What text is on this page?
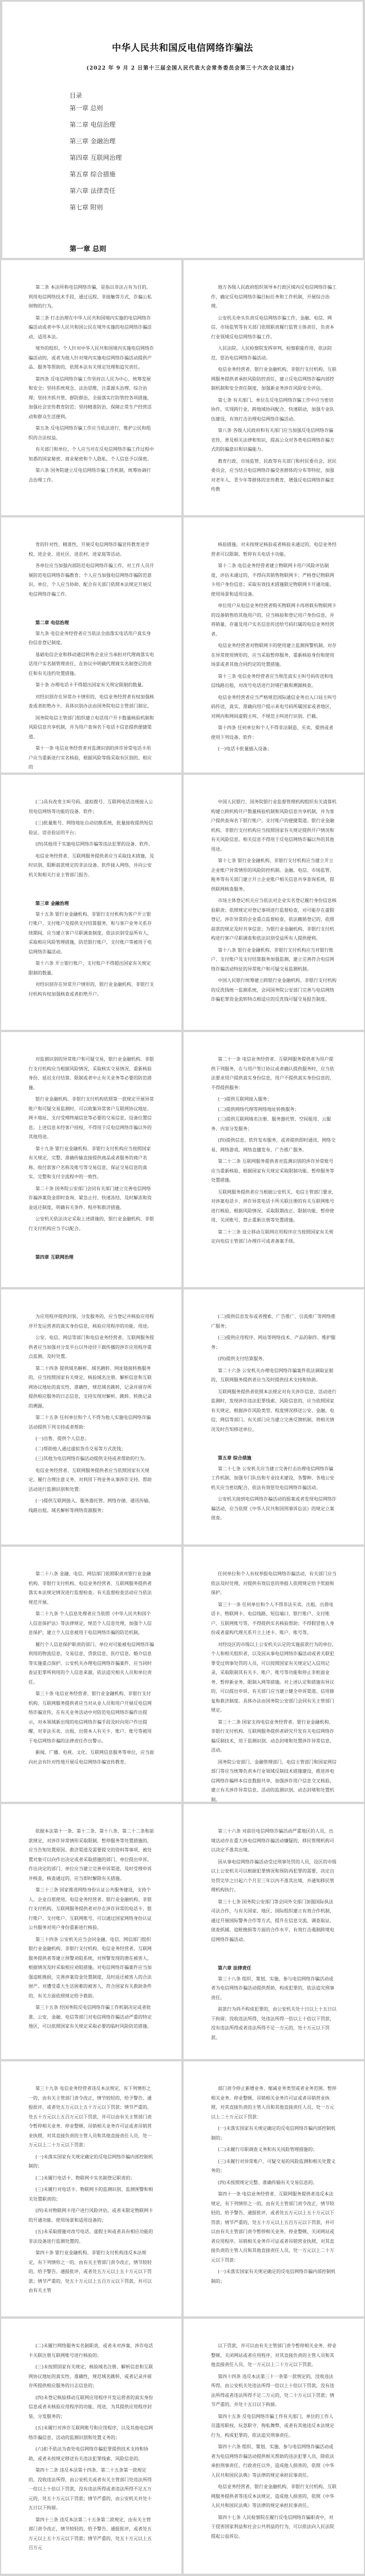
中华人民共和国反电信网络诈骗法
(2022 年 9 月 2 日第十三届全国人民代表大会常务委员会第三十六次会议通过)
目录
第一章 总则
第二章 电信治理
第三章 金融治理
第四章 互联网治理
第五章 综合措施
第六章 法律责任
第七章 附则
第一章 总则

第二条 本法所称电信网络诈骗，是指以非法占有为目的，利用电信网络技术手段，通过远程、非接触等方式，诈骗公私财物的行为。

第三条 打击治理在中华人民共和国境内实施的电信网络诈骗活动或者中华人民共和国公民在境外实施的电信网络诈骗活动，适用本法。

境外的组织、个人针对中华人民共和国境内实施电信网络诈骗活动的，或者为他人针对境内实施电信网络诈骗活动提供产品、服务等帮助的，依照本法有关规定处理和追究责任。

第四条 反电信网络诈骗工作坚持以人民为中心，统筹发展和安全；坚持系统观念、法治思维，注重源头治理、综合治理；坚持齐抓共管、群防群治，全面落实打防管控各项措施，加强社会宣传教育防范；坚持精准防治，保障正常生产经营活动和群众生活便利。

第五条 反电信网络诈骗工作应当依法进行，维护公民和组织的合法权益。

有关部门和单位、个人应当对在反电信网络诈骗工作过程中知悉的国家秘密、商业秘密和个人隐私、个人信息予以保密。

第六条 国务院建立反电信网络诈骗工作机制，统筹协调打击治理工作。

地方各级人民政府组织领导本行政区域内反电信网络诈骗工作，确定反电信网络诈骗目标任务和工作机制，开展综合治理。

公安机关牵头负责反电信网络诈骗工作，金融、电信、网信、市场监管等有关部门依照职责履行监管主体责任，负责本行业领域反电信网络诈骗工作。

人民法院、人民检察院发挥审判、检察职能作用，依法防范、惩治电信网络诈骗活动。

电信业务经营者、银行业金融机构、非银行支付机构、互联网服务提供者承担风险防控责任，建立反电信网络诈骗内部控制机制和安全责任制度，加强新业务涉诈风险安全评估。

第七条 有关部门、单位在反电信网络诈骗工作中应当密切协作，实现跨行业、跨地域协同配合、快速联动，加强专业队伍建设，有效打击治理电信网络诈骗活动。

第八条 各级人民政府和有关部门应当加强反电信网络诈骗宣传，普及相关法律和知识，提高公众对各类电信网络诈骗方式的防骗意识和识骗能力。

教育行政、市场监管、民政等有关部门和村民委员会、居民委员会，应当结合电信网络诈骗受害群体的分布等特征，加强对老年人、青少年等群体的宣传教育，增强反电信网络诈骗宣传教

育的针对性、精准性，开展反电信网络诈骗宣传教育进学校、进企业、进社区、进农村、进家庭等活动。

各单位应当加强内部防范电信网络诈骗工作，对工作人员开展防范电信网络诈骗教育；个人应当加强电信网络诈骗防范意识。单位、个人应当协助、配合有关部门依照本法规定开展反电信网络诈骗工作。

第二章 电信治理

第九条 电信业务经营者应当依法全面落实电话用户真实身份信息登记制度。

基础电信企业和移动通信转售企业应当承担对代理商落实电话用户实名制管理责任，在协议中明确代理商实名制登记的责任和有关违约处置措施。

第十条 办理电话卡不得超出国家有关规定限制的数量。

对经识别存在异常办卡情形的，电信业务经营者有权加强核查或者拒绝办卡。具体识别办法由国务院电信主管部门制定。

国务院电信主管部门组织建立电话用户开卡数量核验机制和风险信息共享机制，并为用户查询名下电话卡信息提供便捷渠道。

第十一条 电信业务经营者对监测识别的涉诈异常电话卡用户应当重新进行实名核验，根据风险等级采取有区别的、相应的

核验措施。对未按规定核验或者核验未通过的，电信业务经营者可以限制、暂停有关电话卡功能。

第十二条 电信业务经营者建立物联网卡用户风险评估制度，评估未通过的，不得向其销售物联网卡；严格登记物联网卡用户身份信息；采取有效技术措施限定物联网卡开通功能、使用场景和适用设备。

单位用户从电信业务经营者购买物联网卡再将载有物联网卡的设备销售给其他用户的，应当核验和登记用户身份信息，并将销量、存量及用户实名信息传送给号码归属的电信业务经营者。

电信业务经营者对物联网卡的使用建立监测预警机制。对存在异常使用情形的，应当采取暂停服务、重新核验身份和使用场景或者其他合同约定的处置措施。

第十三条 电信业务经营者应当规范真实主叫号码传送和电信线路出租，对改号电话进行封堵拦截和溯源核查。

电信业务经营者应当严格规范国际通信业务出入口局主叫号码传送，真实、准确向用户提示来电号码所属国家或者地区，对网内和网间虚假主叫、不规范主叫进行识别、拦截。

第十四条 任何单位和个人不得非法制造、买卖、提供或者使用下列设备、软件：

(一)电话卡批量插入设备；

(二)具有改变主叫号码、虚拟拨号、互联网电话违规接入公用电信网络等功能的设备、软件；

(三)批量账号、网络地址自动切换系统，批量接收提供短信验证、语音验证的平台；

(四)其他用于实施电信网络诈骗等违法犯罪的设备、软件。

电信业务经营者、互联网服务提供者应当采取技术措施，及时识别、阻断前款规定的非法设备、软件接入网络，并向公安机关和相关行业主管部门报告。

第三章 金融治理

第十五条 银行业金融机构、非银行支付机构为客户开立银行账户、支付账户及提供支付结算服务，和与客户业务关系存续期间，应当建立客户尽职调查制度，依法识别受益所有人，采取相应风险管理措施，防范银行账户、支付账户等被用于电信网络诈骗活动。

第十六条 开立银行账户、支付账户不得超出国家有关规定限制的数量。

对经识别存在异常开户情形的，银行业金融机构、非银行支付机构有权加强核查或者拒绝开户。

中国人民银行、国务院银行业监督管理机构组织有关清算机构建立跨机构开户数量核验机制和风险信息共享机制，并为客户提供查询名下银行账户、支付账户的便捷渠道。银行业金融机构、非银行支付机构应当按照国家有关规定提供开户情况和有关风险信息。相关信息不得用于反电信网络诈骗以外的其他用途。

第十七条 银行业金融机构、非银行支付机构应当建立开立企业账户异常情形的风险防控机制。金融、电信、市场监管、税务等有关部门建立开立企业账户相关信息共享查询系统，提供联网核查服务。

市场主体登记机关应当依法对企业实名登记履行身份信息核验职责；依照规定对登记事项进行监督检查，对可能存在虚假登记、涉诈异常的企业重点监督检查，依法撤销登记的，依照前款的规定及时共享信息；为银行业金融机构、非银行支付机构进行客户尽职调查和依法识别受益所有人提供便利。

第十八条 银行业金融机构、非银行支付机构应当对银行账户、支付账户及支付结算服务加强监测，建立完善符合电信网络诈骗活动特征的异常账户和可疑交易监测机制。

中国人民银行统筹建立跨银行业金融机构、非银行支付机构的反洗钱统一监测系统，会同国务院公安部门完善与电信网络诈骗犯罪资金流转特点相适应的反洗钱可疑交易报告制度。

对监测识别的异常账户和可疑交易，银行业金融机构、非银行支付机构应当根据风险情况，采取核实交易情况、重新核验身份、延迟支付结算、限制或者中止有关业务等必要的防范措施。

银行业金融机构、非银行支付机构依照第一款规定开展异常账户和可疑交易监测时，可以收集异常客户互联网协议地址、网卡地址、支付受理终端信息等必要的交易信息、设备位置信息。上述信息未经客户授权，不得用于反电信网络诈骗以外的其他用途。

第十九条 银行业金融机构、非银行支付机构应当按照国家有关规定，完整、准确传输直接提供商品或者服务的商户名称、收付款客户名称及账号等交易信息，保证交易信息的真实、完整和支付全流程中的一致性。

第二十条 国务院公安部门会同有关部门建立完善电信网络诈骗涉案资金即时查询、紧急止付、快速冻结、及时解冻和资金返还制度，明确有关条件、程序和救济措施。

公安机关依法决定采取上述措施的，银行业金融机构、非银行支付机构应当予以配合。

第四章 互联网治理

第二十一条 电信业务经营者、互联网服务提供者为用户提供下列服务，在与用户签订协议或者确认提供服务时，应当依法要求用户提供真实身份信息，用户不提供真实身份信息的，不得提供服务：

(一)提供互联网接入服务；

(二)提供网络代理等网络地址转换服务；

(三)提供互联网域名注册、服务器托管、空间租用、云服务、内容分发服务；

(四)提供信息、软件发布服务，或者提供即时通讯、网络交易、网络游戏、网络直播发布、广告推广服务。

第二十二条 互联网服务提供者对监测识别的涉诈异常账号应当重新核验，根据国家有关规定采取限制功能、暂停服务等处置措施。

互联网服务提供者应当根据公安机关、电信主管部门要求，对涉案电话卡、涉诈异常电话卡所关联注册的有关互联网账号进行核验，根据风险情况，采取限期改正、限制功能、暂停使用、关闭账号、禁止重新注册等处置措施。

第二十三条 设立移动互联网应用程序应当按照国家有关规定向电信主管部门办理许可或者备案手续。

为应用程序提供封装、分发服务的，应当登记并核验应用程序开发运营者的真实身份信息，核验应用程序的功能、用途。

公安、电信、网信等部门和电信业务经营者、互联网服务提供者应当加强对分发平台以外途径下载传播的涉诈应用程序重点监测、及时处置。

第二十四条 提供域名解析、域名跳转、网址链接转换服务的，应当按照国家有关规定，核验域名注册、解析信息和互联网协议地址的真实性、准确性，规范域名跳转，记录并留存所提供相应服务的日志信息，支持实现对解析、跳转、转换记录的溯源。

第二十五条 任何单位和个人不得为他人实施电信网络诈骗活动提供下列支持或者帮助：

(一)出售、提供个人信息；

(二)帮助他人通过虚拟货币交易等方式洗钱；

(三)其他为电信网络诈骗活动提供支持或者帮助的行为。

电信业务经营者、互联网服务提供者应当依照国家有关规定，履行合理注意义务，对利用下列业务从事涉诈支持、帮助活动进行监测识别和处置：

(一)提供互联网接入、服务器托管、网络存储、通讯传输、线路出租、域名解析等网络资源服务；

(二)提供信息发布或者搜索、广告推广、引流推广等网络推广服务；

(三)提供应用程序、网站等网络技术、产品的制作、维护服务；

(四)提供支付结算服务。

第二十六条 公安机关办理电信网络诈骗案件依法调取证据的，互联网服务提供者应当及时提供技术支持和协助。

互联网服务提供者依照本法规定对有关涉诈信息、活动进行监测时，发现涉诈违法犯罪线索、风险信息的，应当依照国家有关规定，根据涉诈风险类型、程度情况移送公安、金融、电信、网信等部门。有关部门应当建立完善反馈机制，将相关情况及时告知移送单位。

第五章 综合措施

第二十七条 公安机关应当建立完善打击治理电信网络诈骗工作机制，加强专门队伍和专业技术建设，各警种、各地公安机关应当密切配合，依法有效惩处电信网络诈骗活动。

公安机关接到电信网络诈骗活动的报案或者发现电信网络诈骗活动，应当依照《中华人民共和国刑事诉讼法》的规定立案侦查。

第二十八条 金融、电信、网信部门依照职责对银行业金融机构、非银行支付机构、电信业务经营者、互联网服务提供者落实本法规定情况进行监督检查。有关监督检查活动应当依法规范开展。

第二十九条 个人信息处理者应当依照《中华人民共和国个人信息保护法》等法律规定，规范个人信息处理，加强个人信息保护，建立个人信息被用于电信网络诈骗的防范机制。

履行个人信息保护职责的部门、单位对可能被电信网络诈骗利用的物流信息、交易信息、贷款信息、医疗信息、婚介信息等实施重点保护。公安机关办理电信网络诈骗案件，应当同时查证犯罪所利用的个人信息来源，依法追究相关人员和单位责任。

第三十条 电信业务经营者、银行业金融机构、非银行支付机构、互联网服务提供者应当对从业人员和用户开展反电信网络诈骗宣传，在有关业务活动中对防范电信网络诈骗作出提示，对本领域新出现的电信网络诈骗手段及时向用户作出提醒，对非法买卖、出租、出借本人有关卡、账户、账号等被用于电信网络诈骗的法律责任作出警示。

新闻、广播、电视、文化、互联网信息服务等单位，应当面向社会有针对性地开展反电信网络诈骗宣传教育。

任何单位和个人有权举报电信网络诈骗活动，有关部门应当依法及时处理，对提供有效信息的举报人依照规定给予奖励和保护。

第三十一条 任何单位和个人不得非法买卖、出租、出借电话卡、物联网卡、电信线路、短信端口、银行账户、支付账户、互联网账号等，不得提供实名核验帮助；不得假冒他人身份或者虚构代理关系开立上述卡、账户、账号等。

对经设区的市级以上公安机关认定的实施前款行为的单位、个人和相关组织者，以及因从事电信网络诈骗活动或者关联犯罪受过刑事处罚的人员，可以按照国家有关规定记入信用记录，采取限制其有关卡、账户、账号等功能和停止非柜面业务、暂停新业务、限制入网等措施。对上述认定和措施有异议的，可以提出申诉，有关部门应当建立健全申诉渠道、信用修复和救济制度。具体办法由国务院公安部门会同有关主管部门规定。

第三十二条 国家支持电信业务经营者、银行业金融机构、非银行支付机构、互联网服务提供者研究开发有关电信网络诈骗反制技术，用于监测识别、动态封堵和处置涉诈异常信息、活动。

国务院公安部门、金融管理部门、电信主管部门和国家网信部门等应当统筹负责本行业领域反制技术措施建设，推进涉电信网络诈骗样本信息数据共享，加强涉诈用户信息交叉核验，建立有关涉诈异常信息、活动的监测识别、动态封堵和处置机制。

依据本法第十一条、第十二条、第十八条、第二十二条和前款规定，对涉诈异常情形采取限制、暂停服务等处置措施的，应当告知处置原因、救济渠道及需要提交的资料等事项，被处置对象可以向作出决定或者采取措施的部门、单位提出申诉。作出决定的部门、单位应当建立完善申诉渠道，及时受理申诉并核查，核查通过的，应当即时解除有关措施。

第三十三条 国家推进网络身份认证公共服务建设，支持个人、企业自愿使用，电信业务经营者、银行业金融机构、非银行支付机构、互联网服务提供者对存在涉诈异常的电话卡、银行账户、支付账户、互联网账号，可以通过国家网络身份认证公共服务对用户身份重新进行核验。

第三十四条 公安机关应当会同金融、电信、网信部门组织银行业金融机构、非银行支付机构、电信业务经营者、互联网服务提供者等建立预警劝阻系统，对预警发现的潜在被害人，根据情况及时采取相应劝阻措施。对电信网络诈骗案件应当加强追赃挽损，完善涉案资金处置制度，及时返还被害人的合法财产。对遭受重大生活困难的被害人，符合国家有关救助条件的，有关方面依照规定给予救助。

第三十五条 经国务院反电信网络诈骗工作机制决定或者批准，公安、金融、电信等部门对电信网络诈骗活动严重的特定地区，可以依照国家有关规定采取必要的临时风险防范措施。

第三十六条 对前往电信网络诈骗活动严重地区的人员，出境活动存在重大涉电信网络诈骗活动嫌疑的，移民管理机构可以决定不准其出境。

因从事电信网络诈骗活动受过刑事处罚的人员，设区的市级以上公安机关可以根据犯罪情况和预防再犯罪的需要，决定自处罚完毕之日起六个月至三年以内不准其出境，并通知移民管理机构执行。

第三十七条 国务院公安部门等会同外交部门加强国际执法司法合作，与有关国家、地区、国际组织建立有效合作机制，通过开展国际警务合作等方式，提升在信息交流、调查取证、侦查抓捕、追赃挽损等方面的合作水平，有效打击遏制跨境电信网络诈骗活动。

第六章 法律责任

第三十八条 组织、策划、实施、参与电信网络诈骗活动或者为电信网络诈骗活动提供帮助，构成犯罪的，依法追究刑事责任。

前款行为尚不构成犯罪的，由公安机关处十日以上十五日以下拘留；没收违法所得，处违法所得一倍以上十倍以下罚款，没有违法所得或者违法所得不足一万元的，处十万元以下罚款。

第三十九条 电信业务经营者违反本法规定，有下列情形之一的，由有关主管部门责令改正，情节较轻的，给予警告、通报批评，或者处五万元以上五十万元以下罚款；情节严重的，处五十万元以上五百万元以下罚款，并可以由有关主管部门责令暂停相关业务、停业整顿、吊销相关业务许可证或者吊销营业执照，对其直接负责的主管人员和其他直接责任人员，处一万元以上二十万元以下罚款：

(一)未落实国家有关规定确定的反电信网络诈骗内部控制机制的；

(二)未履行电话卡、物联网卡实名制登记职责的；

(三)未履行对电话卡、物联网卡的监测识别、监测预警和相关处置职责的；

(四)未对物联网卡用户进行风险评估，或者未限定物联网卡的开通功能、使用场景和适用设备的；

(五)未采取措施对改号电话、虚假主叫或者具有相应功能的非法设备进行监测处置的。

第四十条 银行业金融机构、非银行支付机构违反本法规定，有下列情形之一的，由有关主管部门责令改正，情节较轻的，给予警告、通报批评，或者处五万元以上五十万元以下罚款；情节严重的，处五十万元以上五百万元以下罚款，并可以由有关主管

部门责令停止新增业务、缩减业务类型或者业务范围、暂停相关业务、停业整顿、吊销相关业务许可证或者吊销营业执照，对其直接负责的主管人员和其他直接责任人员，处一万元以上二十万元以下罚款：

(一)未落实国家有关规定确定的反电信网络诈骗内部控制机制的；

(二)未履行尽职调查义务和有关风险管理措施的；

(三)未履行对异常账户、可疑交易的风险监测和相关处置义务的；

(四)未按照规定完整、准确传输有关交易信息的。

第四十一条 电信业务经营者、互联网服务提供者违反本法规定，有下列情形之一的，由有关主管部门责令改正，情节较轻的，给予警告、通报批评，或者处五万元以上五十万元以下罚款；情节严重的，处五十万元以上五百万元以下罚款，并可以由有关主管部门责令暂停相关业务、停业整顿、关闭网站或者应用程序、吊销相关业务许可证或者吊销营业执照，对其直接负责的主管人员和其他直接责任人员，处一万元以上二十万元以下罚款：

(一)未落实国家有关规定确定的反电信网络诈骗内部控制机制的；

(二)未履行网络服务实名制职责，或者未对涉案、涉诈电话卡关联注册互联网账号进行核验的；

(三)未按照国家有关规定，核验域名注册、解析信息和互联网协议地址的真实性、准确性，规范域名跳转，或者记录并留存所提供相应服务的日志信息的；

(四)未登记核验移动互联网应用程序开发运营者的真实身份信息或者未核验应用程序的功能、用途，为其提供应用程序封装、分发服务的；

(五)未履行对涉诈互联网账号和应用程序，以及其他电信网络诈骗信息、活动的监测识别和处置义务的；

(六)拒不依法为查处电信网络诈骗犯罪提供技术支持和协助，或者未按规定移送有关违法犯罪线索、风险信息的。

第四十二条 违反本法第十四条、第二十五条第一款规定的，没收违法所得，由公安机关或者有关主管部门处违法所得一倍以上十倍以下罚款，没有违法所得或者违法所得不足五万元的，处五十万元以下罚款；情节严重的，由公安机关并处十五日以下拘留。

第四十三条 违反本法第二十五条第二款规定，由有关主管部门责令改正，情节较轻的，给予警告、通报批评，或者处五万元以上五十万元以下罚款；情节严重的，处五十万元以上五百万元

以下罚款，并可以由有关主管部门责令暂停相关业务、停业整顿、关闭网站或者应用程序，对其直接负责的主管人员和其他直接责任人员，处一万元以上二十万元以下罚款。

第四十四条 违反本法第三十一条第一款规定的，没收违法所得，由公安机关处违法所得一倍以上十倍以下罚款，没有违法所得或者违法所得不足二万元的，处二十万元以下罚款；情节严重的，并处十五日以下拘留。

第四十五条 反电信网络诈骗工作有关部门、单位的工作人员滥用职权、玩忽职守、徇私舞弊，或者有其他违反本法规定行为，构成犯罪的，依法追究刑事责任。

第四十六条 组织、策划、实施、参与电信网络诈骗活动或者为电信网络诈骗活动提供相关帮助的违法犯罪人员，除依法承担刑事责任、行政责任以外，造成他人损害的，依照《中华人民共和国民法典》等法律的规定承担民事责任。

电信业务经营者、银行业金融机构、非银行支付机构、互联网服务提供者等违反本法规定，造成他人损害的，依照《中华人民共和国民法典》等法律的规定承担民事责任。

第四十七条 人民检察院在履行反电信网络诈骗职责中，对于侵害国家利益和社会公共利益的行为，可以依法向人民法院提起公益诉讼。
